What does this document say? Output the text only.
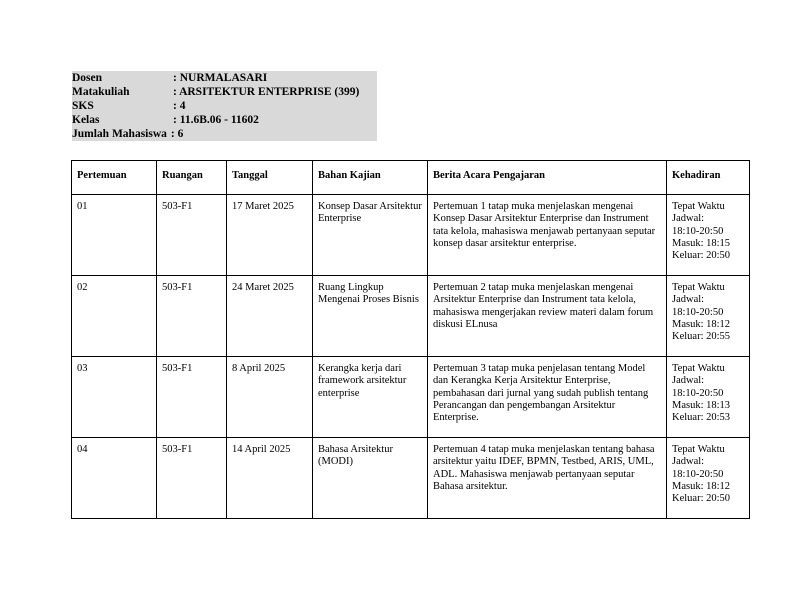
Dosen	: NURMALASARI
Matakuliah	: ARSITEKTUR ENTERPRISE (399)
SKS	: 4
Kelas	: 11.6B.06 - 11602
Jumlah Mahasiswa : 6
Pertemuan	Ruangan	Tanggal	Bahan Kajian	Berita Acara Pengajaran	Kehadiran
01	503-F1	17 Maret 2025	Konsep Dasar Arsitektur Enterprise	Pertemuan 1 tatap muka menjelaskan mengenai Konsep Dasar Arsitektur Enterprise dan Instrument tata kelola, mahasiswa menjawab pertanyaan seputar konsep dasar arsitektur enterprise.	Tepat Waktu
Jadwal:
18:10-20:50
Masuk: 18:15
Keluar: 20:50

02	503-F1	24 Maret 2025	Ruang Lingkup Mengenai Proses Bisnis	Pertemuan 2 tatap muka menjelaskan mengenai Arsitektur Enterprise dan Instrument tata kelola, mahasiswa mengerjakan review materi dalam forum diskusi ELnusa	Tepat Waktu
Jadwal:
18:10-20:50
Masuk: 18:12
Keluar: 20:55

03	503-F1	8 April 2025	Kerangka kerja dari framework arsitektur enterprise	Pertemuan 3 tatap muka penjelasan tentang Model dan Kerangka Kerja Arsitektur Enterprise, pembahasan dari jurnal yang sudah publish tentang Perancangan dan pengembangan Arsitektur Enterprise.	Tepat Waktu
Jadwal:
18:10-20:50
Masuk: 18:13
Keluar: 20:53

04	503-F1	14 April 2025	Bahasa Arsitektur (MODI)	Pertemuan 4 tatap muka menjelaskan tentang bahasa arsitektur yaitu IDEF, BPMN, Testbed, ARIS, UML, ADL. Mahasiswa menjawab pertanyaan seputar Bahasa arsitektur.	Tepat Waktu
Jadwal:
18:10-20:50
Masuk: 18:12
Keluar: 20:50
